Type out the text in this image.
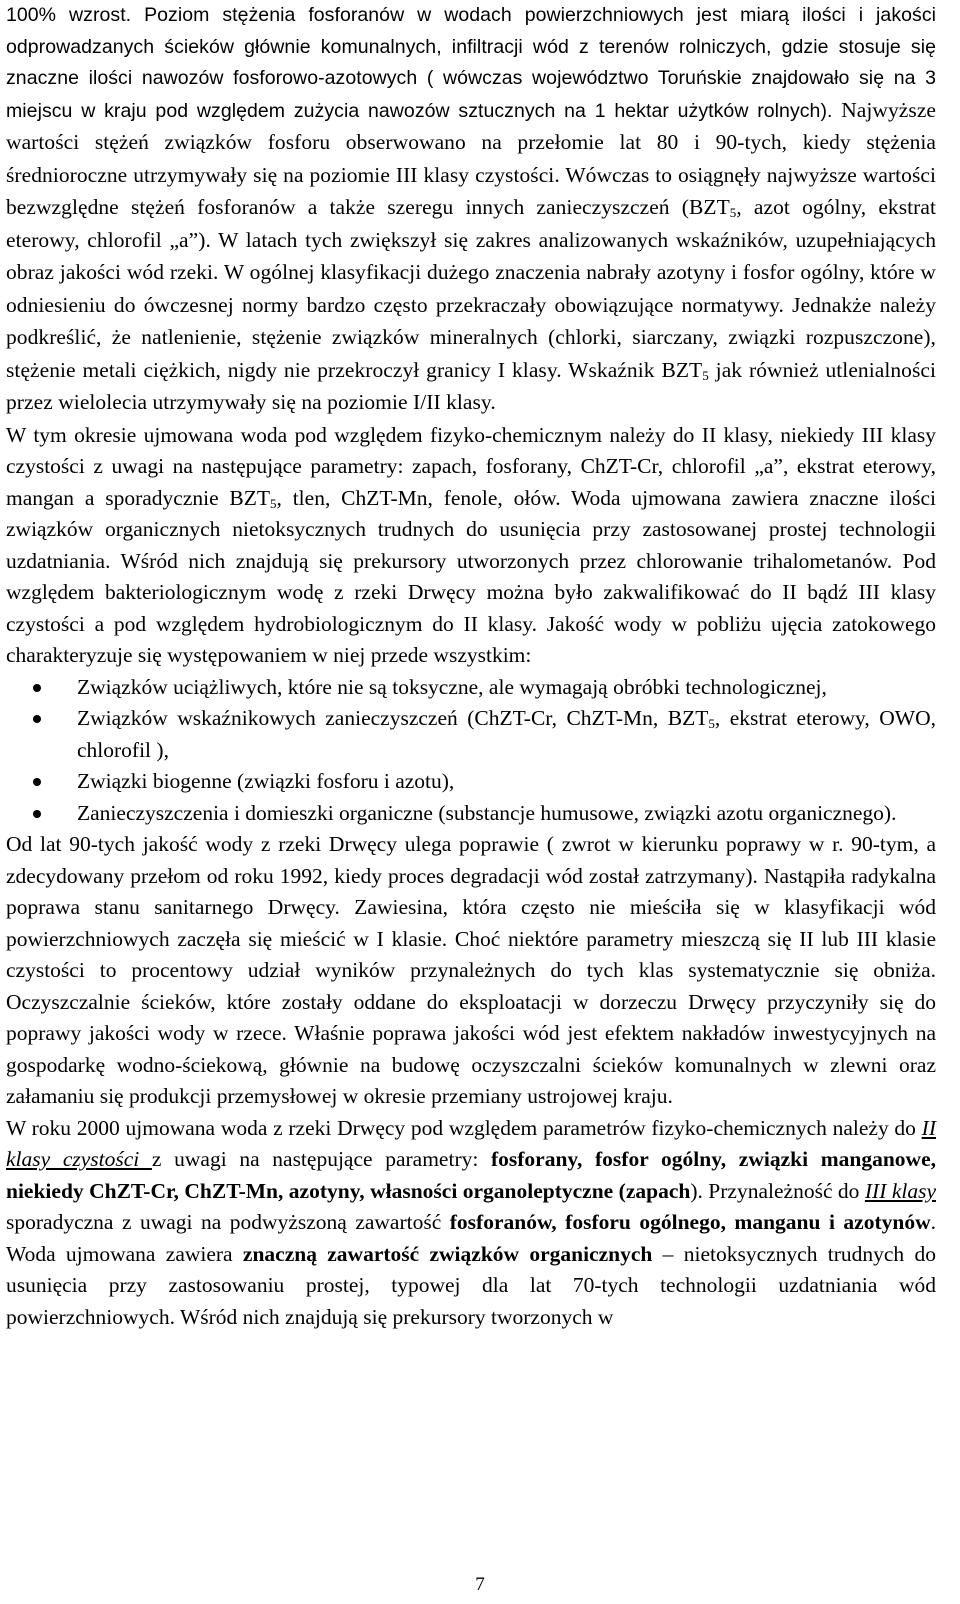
100% wzrost. Poziom stężenia fosforanów w wodach powierzchniowych jest miarą ilości i jakości odprowadzanych ścieków głównie komunalnych, infiltracji wód z terenów rolniczych, gdzie stosuje się znaczne ilości nawozów fosforowo-azotowych ( wówczas województwo Toruńskie znajdowało się na 3 miejscu w kraju pod względem zużycia nawozów sztucznych na 1 hektar użytków rolnych). Najwyższe wartości stężeń związków fosforu obserwowano na przełomie lat 80 i 90-tych, kiedy stężenia średnioroczne utrzymywały się na poziomie III klasy czystości. Wówczas to osiągnęły najwyższe wartości bezwzględne stężeń fosforanów a także szeregu innych zanieczyszczeń ($BZT_5$, azot ogólny, ekstrat eterowy, chlorofil „a”). W latach tych zwiększył się zakres analizowanych wskaźników, uzupełniających obraz jakości wód rzeki. W ogólnej klasyfikacji dużego znaczenia nabrały azotyny i fosfor ogólny, które w odniesieniu do ówczesnej normy bardzo często przekraczały obowiązujące normatywy. Jednakże należy podkreślić, że natlenienie, stężenie związków mineralnych (chlorki, siarczany, związki rozpuszczone), stężenie metali ciężkich, nigdy nie przekroczył granicy I klasy. Wskaźnik $BZT_5$ jak również utlenialności przez wielolecia utrzymywały się na poziomie I/II klasy.

W tym okresie ujmowana woda pod względem fizyko-chemicznym należy do II klasy, niekiedy III klasy czystości z uwagi na następujące parametry: zapach, fosforany, ChZT-Cr, chlorofil „a”, ekstrat eterowy, mangan a sporadycznie $BZT_5$, tlen, ChZT-Mn, fenole, ołów. Woda ujmowana zawiera znaczne ilości związków organicznych nietoksycznych trudnych do usunięcia przy zastosowanej prostej technologii uzdatniania. Wśród nich znajdują się prekursory utworzonych przez chlorowanie trihalometanów. Pod względem bakteriologicznym wodę z rzeki Drwęcy można było zakwalifikować do II bądź III klasy czystości a pod względem hydrobiologicznym do II klasy. Jakość wody w pobliżu ujęcia zatokowego charakteryzuje się występowaniem w niej przede wszystkim:

Związków uciążliwych, które nie są toksyczne, ale wymagają obróbki technologicznej,
Związków wskaźnikowych zanieczyszczeń (ChZT-Cr, ChZT-Mn, $BZT_5$, ekstrat eterowy, OWO, chlorofil ),
Związki biogenne (związki fosforu i azotu),
Zanieczyszczenia i domieszki organiczne (substancje humusowe, związki azotu organicznego).

Od lat 90-tych jakość wody z rzeki Drwęcy ulega poprawie ( zwrot w kierunku poprawy w r. 90-tym, a zdecydowany przełom od roku 1992, kiedy proces degradacji wód został zatrzymany). Nastąpiła radykalna poprawa stanu sanitarnego Drwęcy. Zawiesina, która często nie mieściła się w klasyfikacji wód powierzchniowych zaczęła się mieścić w I klasie. Choć niektóre parametry mieszczą się II lub III klasie czystości to procentowy udział wyników przynależnych do tych klas systematycznie się obniża. Oczyszczalnie ścieków, które zostały oddane do eksploatacji w dorzeczu Drwęcy przyczyniły się do poprawy jakości wody w rzece. Właśnie poprawa jakości wód jest efektem nakładów inwestycyjnych na gospodarkę wodno-ściekową, głównie na budowę oczyszczalni ścieków komunalnych w zlewni oraz załamaniu się produkcji przemysłowej w okresie przemiany ustrojowej kraju.

W roku 2000 ujmowana woda z rzeki Drwęcy pod względem parametrów fizyko-chemicznych należy do II klasy czystości z uwagi na następujące parametry: fosforany, fosfor ogólny, związki manganowe, niekiedy ChZT-Cr, ChZT-Mn, azotyny, własności organoleptyczne (zapach). Przynależność do III klasy sporadyczna z uwagi na podwyższoną zawartość fosforanów, fosforu ogólnego, manganu i azotynów. Woda ujmowana zawiera znaczną zawartość związków organicznych – nietoksycznych trudnych do usunięcia przy zastosowaniu prostej, typowej dla lat 70-tych technologii uzdatniania wód powierzchniowych. Wśród nich znajdują się prekursory tworzonych w

7
